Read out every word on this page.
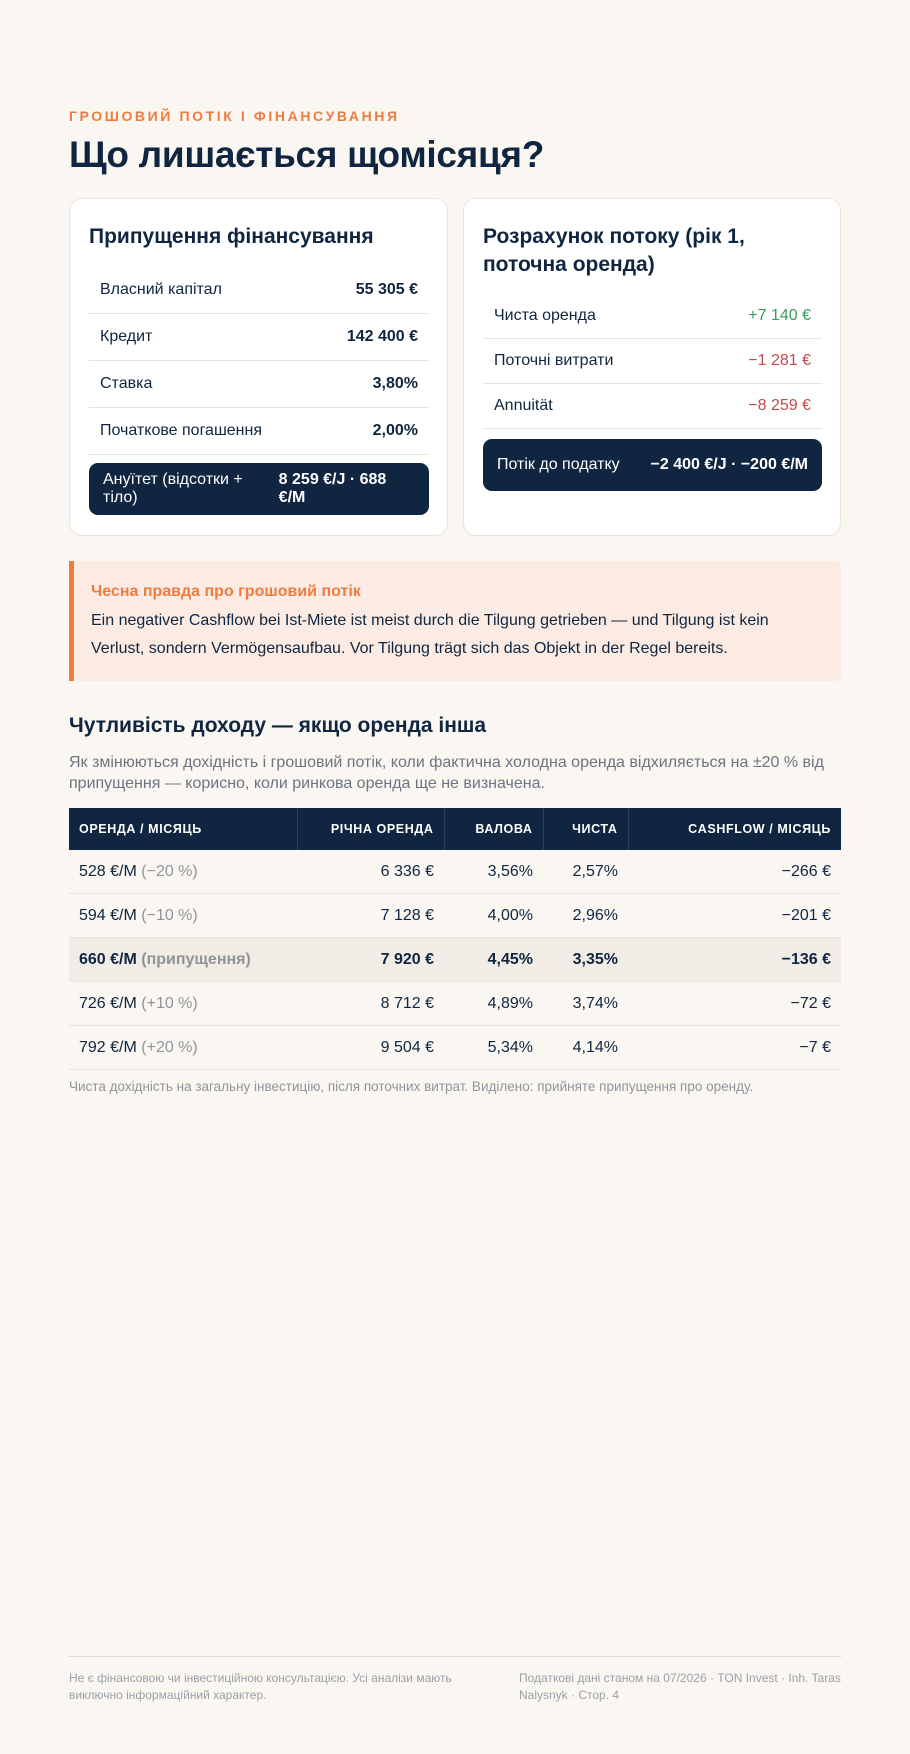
ГРОШОВИЙ ПОТІК І ФІНАНСУВАННЯ
Що лишається щомісяця?
Припущення фінансування
Власний капітал	55 305 €
Кредит	142 400 €
Ставка	3,80%
Початкове погашення	2,00%
Ануїтет (відсотки + тіло)
8 259 €/J · 688 €/M
Розрахунок потоку (рік 1, поточна оренда)
Чиста оренда	+7 140 €
Поточні витрати	−1 281 €
Annuität	−8 259 €
Потік до податку −2 400 €/J · −200 €/M
Чесна правда про грошовий потік
Ein negativer Cashflow bei Ist-Miete ist meist durch die Tilgung getrieben — und Tilgung ist kein Verlust, sondern Vermögensaufbau. Vor Tilgung trägt sich das Objekt in der Regel bereits.
Чутливість доходу — якщо оренда інша
Як змінюються дохідність і грошовий потік, коли фактична холодна оренда відхиляється на ±20 % від припущення — корисно, коли ринкова оренда ще не визначена.
ОРЕНДА / МІСЯЦЬ	РІЧНА ОРЕНДА	ВАЛОВА	ЧИСТА	CASHFLOW / МІСЯЦЬ
528 €/M (−20 %)	6 336 €	3,56%	2,57%	−266 €
594 €/M (−10 %)	7 128 €	4,00%	2,96%	−201 €
660 €/M (припущення)	7 920 €	4,45%	3,35%	−136 €
726 €/M (+10 %)	8 712 €	4,89%	3,74%	−72 €
792 €/M (+20 %)	9 504 €	5,34%	4,14%	−7 €
Чиста дохідність на загальну інвестицію, після поточних витрат. Виділено: прийняте припущення про оренду.
Не є фінансовою чи інвестиційною консультацією. Усі аналізи мають виключно інформаційний характер.
Податкові дані станом на 07/2026 · TON Invest · Inh. Taras Nalysnyk · Стор. 4
